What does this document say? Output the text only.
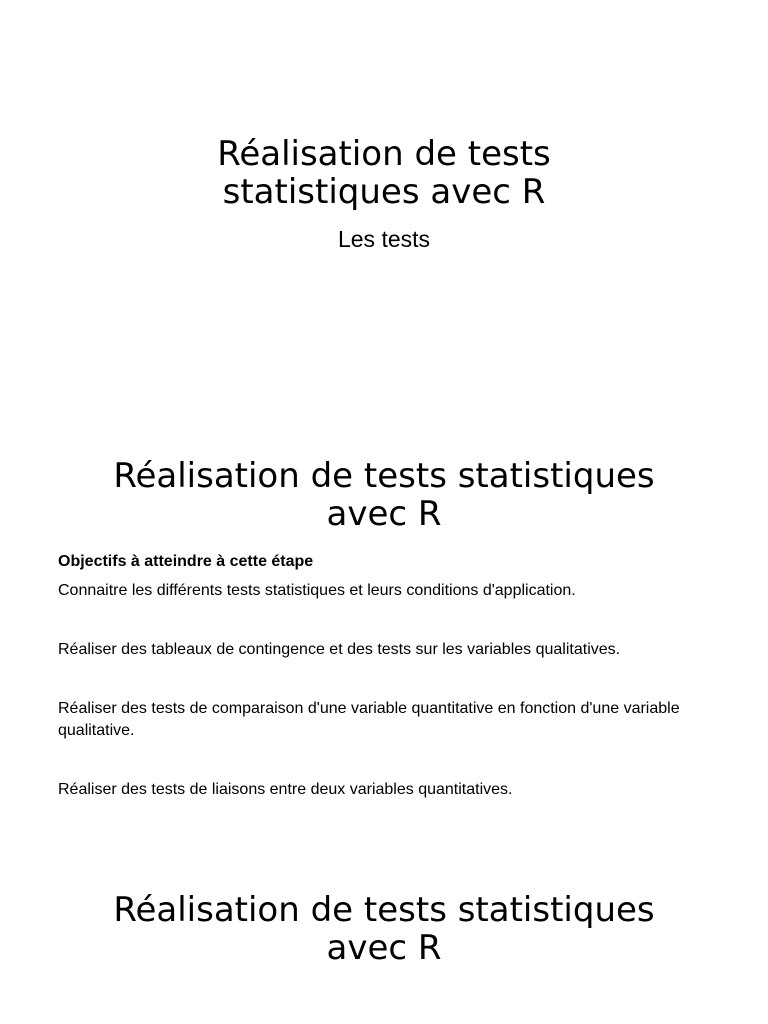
Réalisation de tests statistiques avec R

Les tests

Réalisation de tests statistiques avec R

Objectifs à atteindre à cette étape

Connaitre les différents tests statistiques et leurs conditions d'application.

Réaliser des tableaux de contingence et des tests sur les variables qualitatives.

Réaliser des tests de comparaison d'une variable quantitative en fonction d'une variable qualitative.

Réaliser des tests de liaisons entre deux variables quantitatives.

Réalisation de tests statistiques avec R
